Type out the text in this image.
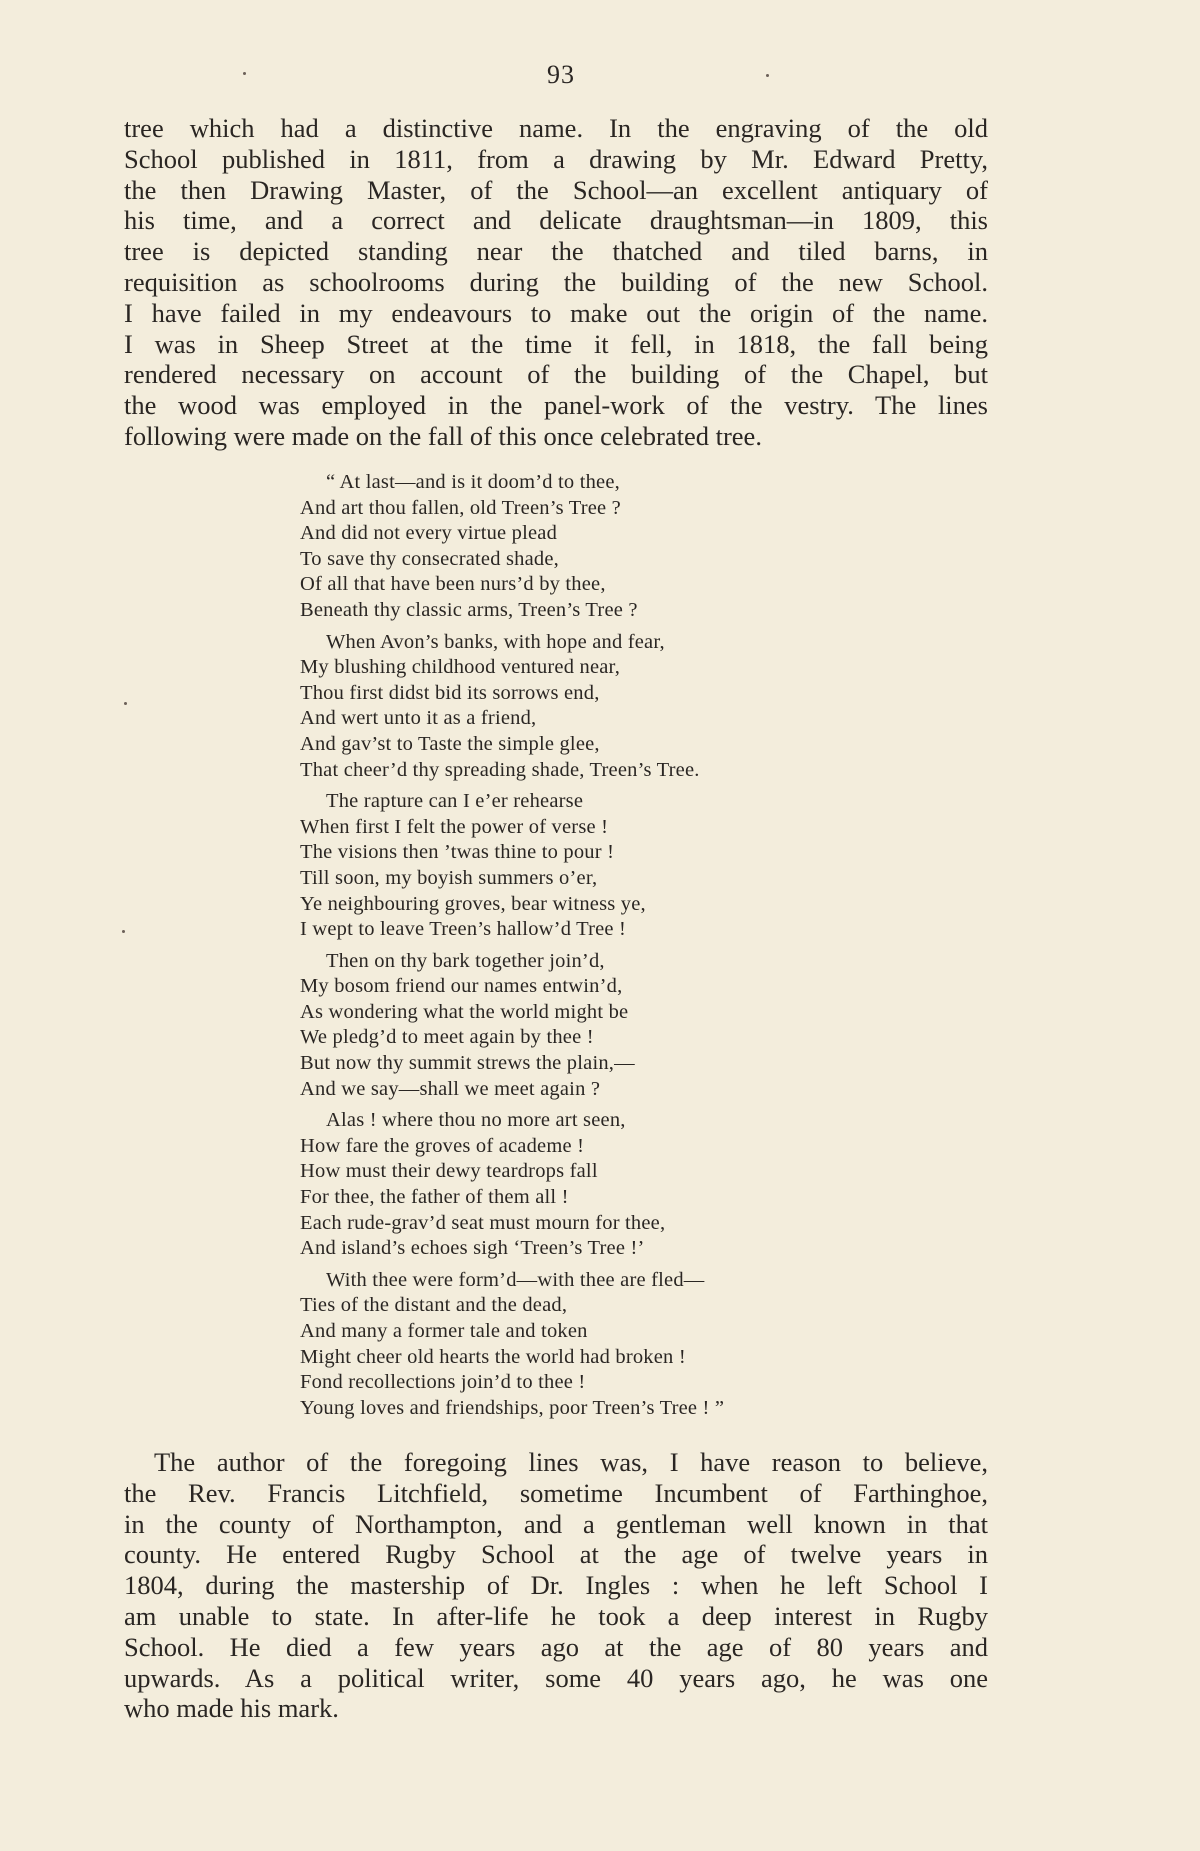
93
tree which had a distinctive name. In the engraving of the old
School published in 1811, from a drawing by Mr. Edward Pretty,
the then Drawing Master, of the School—an excellent antiquary of
his time, and a correct and delicate draughtsman—in 1809, this
tree is depicted standing near the thatched and tiled barns, in
requisition as schoolrooms during the building of the new School.
I have failed in my endeavours to make out the origin of the name.
I was in Sheep Street at the time it fell, in 1818, the fall being
rendered necessary on account of the building of the Chapel, but
the wood was employed in the panel-work of the vestry. The lines
following were made on the fall of this once celebrated tree.
“ At last—and is it doom’d to thee,
And art thou fallen, old Treen’s Tree ?
And did not every virtue plead
To save thy consecrated shade,
Of all that have been nurs’d by thee,
Beneath thy classic arms, Treen’s Tree ?
When Avon’s banks, with hope and fear,
My blushing childhood ventured near,
Thou first didst bid its sorrows end,
And wert unto it as a friend,
And gav’st to Taste the simple glee,
That cheer’d thy spreading shade, Treen’s Tree.
The rapture can I e’er rehearse
When first I felt the power of verse !
The visions then ’twas thine to pour !
Till soon, my boyish summers o’er,
Ye neighbouring groves, bear witness ye,
I wept to leave Treen’s hallow’d Tree !
Then on thy bark together join’d,
My bosom friend our names entwin’d,
As wondering what the world might be
We pledg’d to meet again by thee !
But now thy summit strews the plain,—
And we say—shall we meet again ?
Alas ! where thou no more art seen,
How fare the groves of academe !
How must their dewy teardrops fall
For thee, the father of them all !
Each rude-grav’d seat must mourn for thee,
And island’s echoes sigh ‘Treen’s Tree !’
With thee were form’d—with thee are fled—
Ties of the distant and the dead,
And many a former tale and token
Might cheer old hearts the world had broken !
Fond recollections join’d to thee !
Young loves and friendships, poor Treen’s Tree ! ”
The author of the foregoing lines was, I have reason to believe,
the Rev. Francis Litchfield, sometime Incumbent of Farthinghoe,
in the county of Northampton, and a gentleman well known in that
county. He entered Rugby School at the age of twelve years in
1804, during the mastership of Dr. Ingles : when he left School I
am unable to state. In after-life he took a deep interest in Rugby
School. He died a few years ago at the age of 80 years and
upwards. As a political writer, some 40 years ago, he was one
who made his mark.
